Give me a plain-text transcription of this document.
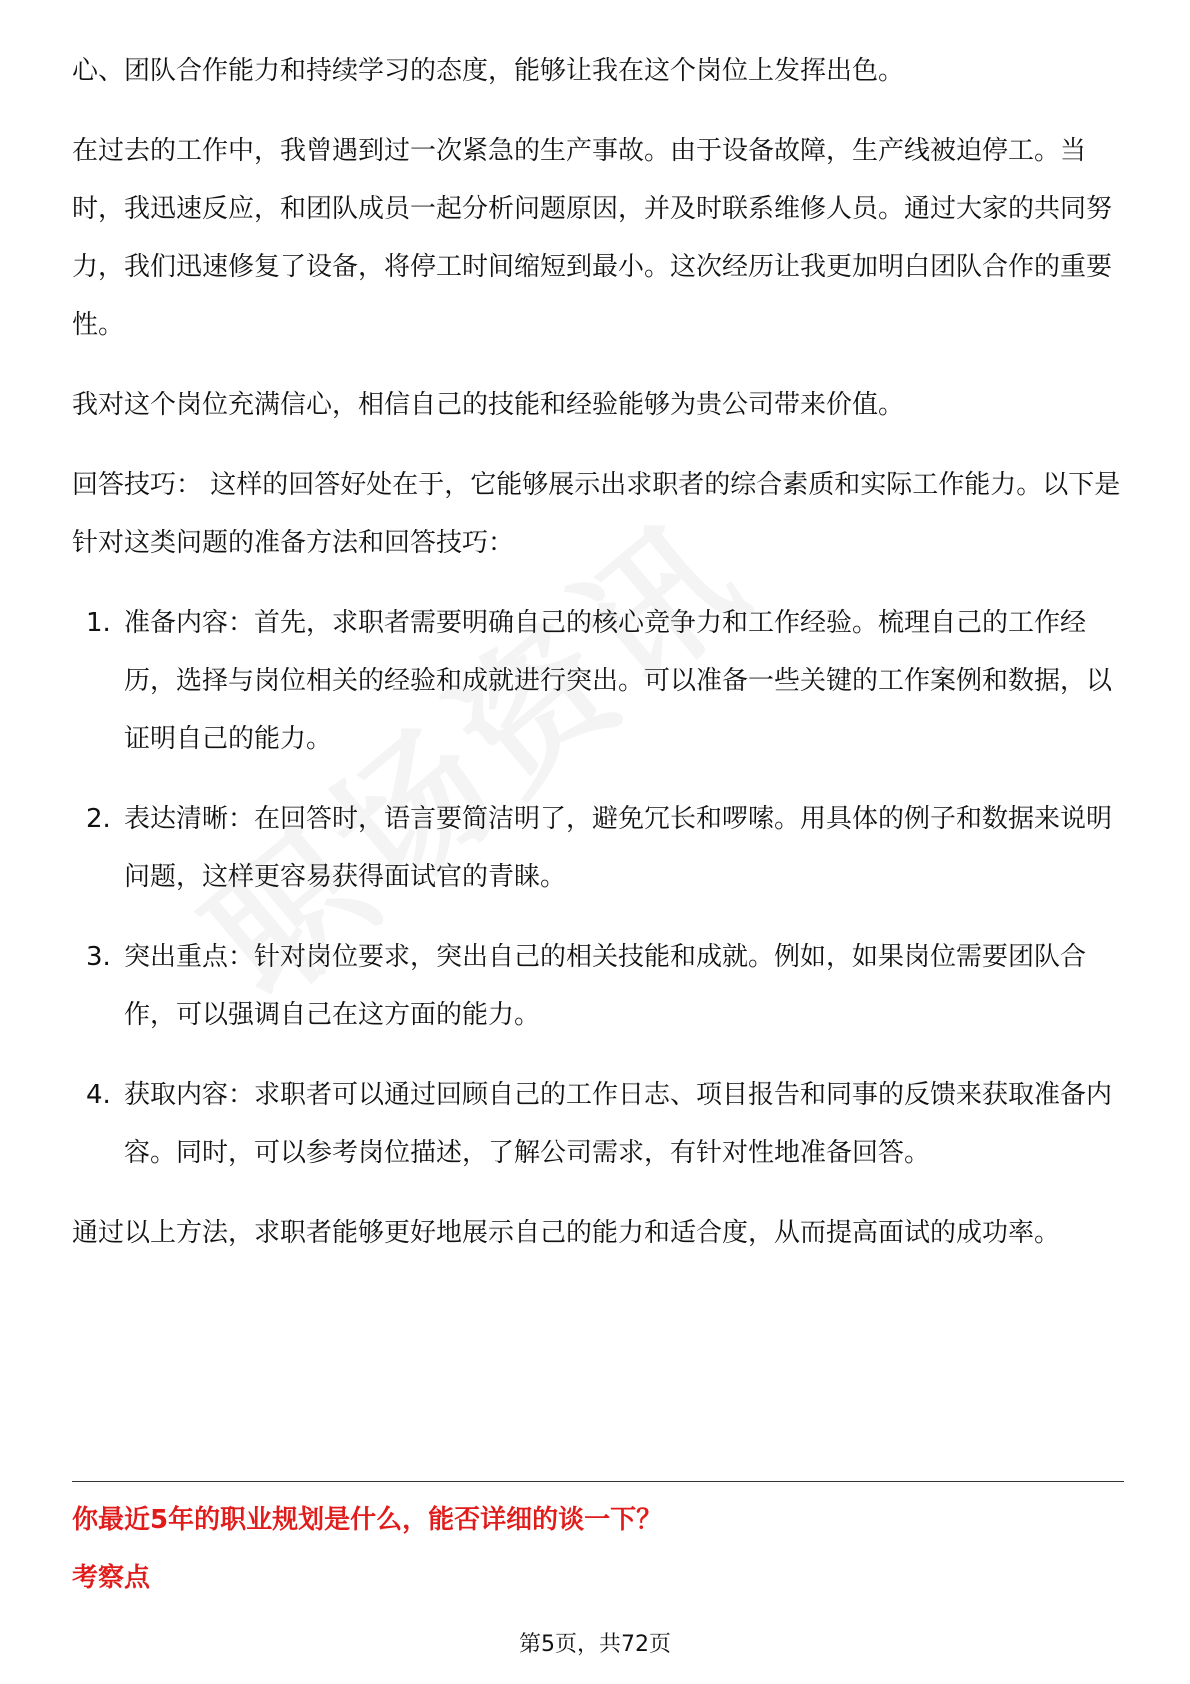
心、团队合作能力和持续学习的态度，能够让我在这个岗位上发挥出色。

在过去的工作中，我曾遇到过一次紧急的生产事故。由于设备故障，生产线被迫停工。当时，我迅速反应，和团队成员一起分析问题原因，并及时联系维修人员。通过大家的共同努力，我们迅速修复了设备，将停工时间缩短到最小。这次经历让我更加明白团队合作的重要性。

我对这个岗位充满信心，相信自己的技能和经验能够为贵公司带来价值。

回答技巧： 这样的回答好处在于，它能够展示出求职者的综合素质和实际工作能力。以下是针对这类问题的准备方法和回答技巧：

1. 准备内容：首先，求职者需要明确自己的核心竞争力和工作经验。梳理自己的工作经历，选择与岗位相关的经验和成就进行突出。可以准备一些关键的工作案例和数据，以证明自己的能力。
2. 表达清晰：在回答时，语言要简洁明了，避免冗长和啰嗦。用具体的例子和数据来说明问题，这样更容易获得面试官的青睐。
3. 突出重点：针对岗位要求，突出自己的相关技能和成就。例如，如果岗位需要团队合作，可以强调自己在这方面的能力。
4. 获取内容：求职者可以通过回顾自己的工作日志、项目报告和同事的反馈来获取准备内容。同时，可以参考岗位描述，了解公司需求，有针对性地准备回答。

通过以上方法，求职者能够更好地展示自己的能力和适合度，从而提高面试的成功率。

你最近5年的职业规划是什么，能否详细的谈一下？
考察点
第5页，共72页
